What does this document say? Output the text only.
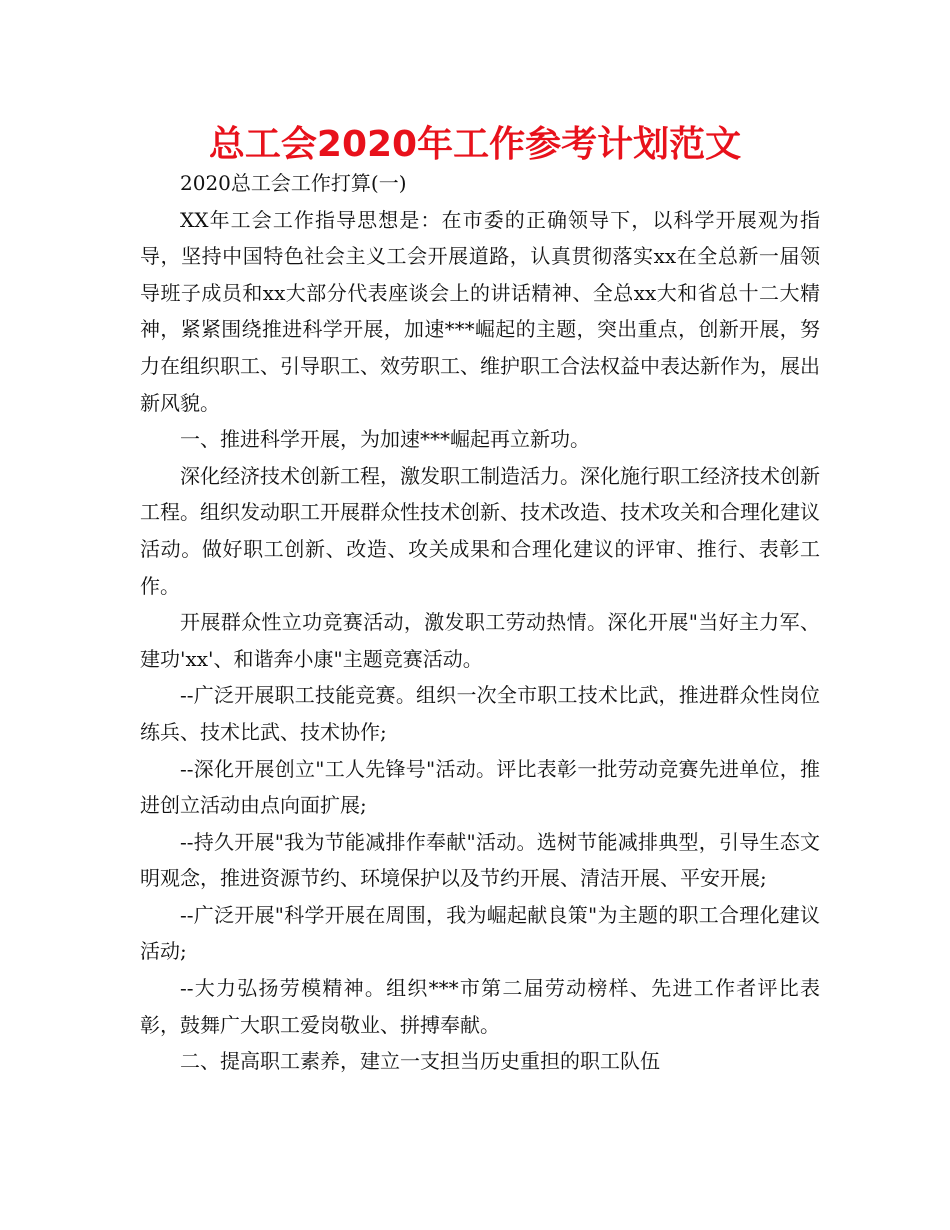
总工会2020年工作参考计划范文

2020总工会工作打算(一)

XX年工会工作指导思想是：在市委的正确领导下，以科学开展观为指导，坚持中国特色社会主义工会开展道路，认真贯彻落实xx在全总新一届领导班子成员和xx大部分代表座谈会上的讲话精神、全总xx大和省总十二大精神，紧紧围绕推进科学开展，加速***崛起的主题，突出重点，创新开展，努力在组织职工、引导职工、效劳职工、维护职工合法权益中表达新作为，展出新风貌。

一、推进科学开展，为加速***崛起再立新功。

深化经济技术创新工程，激发职工制造活力。深化施行职工经济技术创新工程。组织发动职工开展群众性技术创新、技术改造、技术攻关和合理化建议活动。做好职工创新、改造、攻关成果和合理化建议的评审、推行、表彰工作。

开展群众性立功竞赛活动，激发职工劳动热情。深化开展"当好主力军、建功'xx'、和谐奔小康"主题竞赛活动。

--广泛开展职工技能竞赛。组织一次全市职工技术比武，推进群众性岗位练兵、技术比武、技术协作;

--深化开展创立"工人先锋号"活动。评比表彰一批劳动竞赛先进单位，推进创立活动由点向面扩展;

--持久开展"我为节能减排作奉献"活动。选树节能减排典型，引导生态文明观念，推进资源节约、环境保护以及节约开展、清洁开展、平安开展;

--广泛开展"科学开展在周围，我为崛起献良策"为主题的职工合理化建议活动;

--大力弘扬劳模精神。组织***市第二届劳动榜样、先进工作者评比表彰，鼓舞广大职工爱岗敬业、拼搏奉献。

二、提高职工素养，建立一支担当历史重担的职工队伍
